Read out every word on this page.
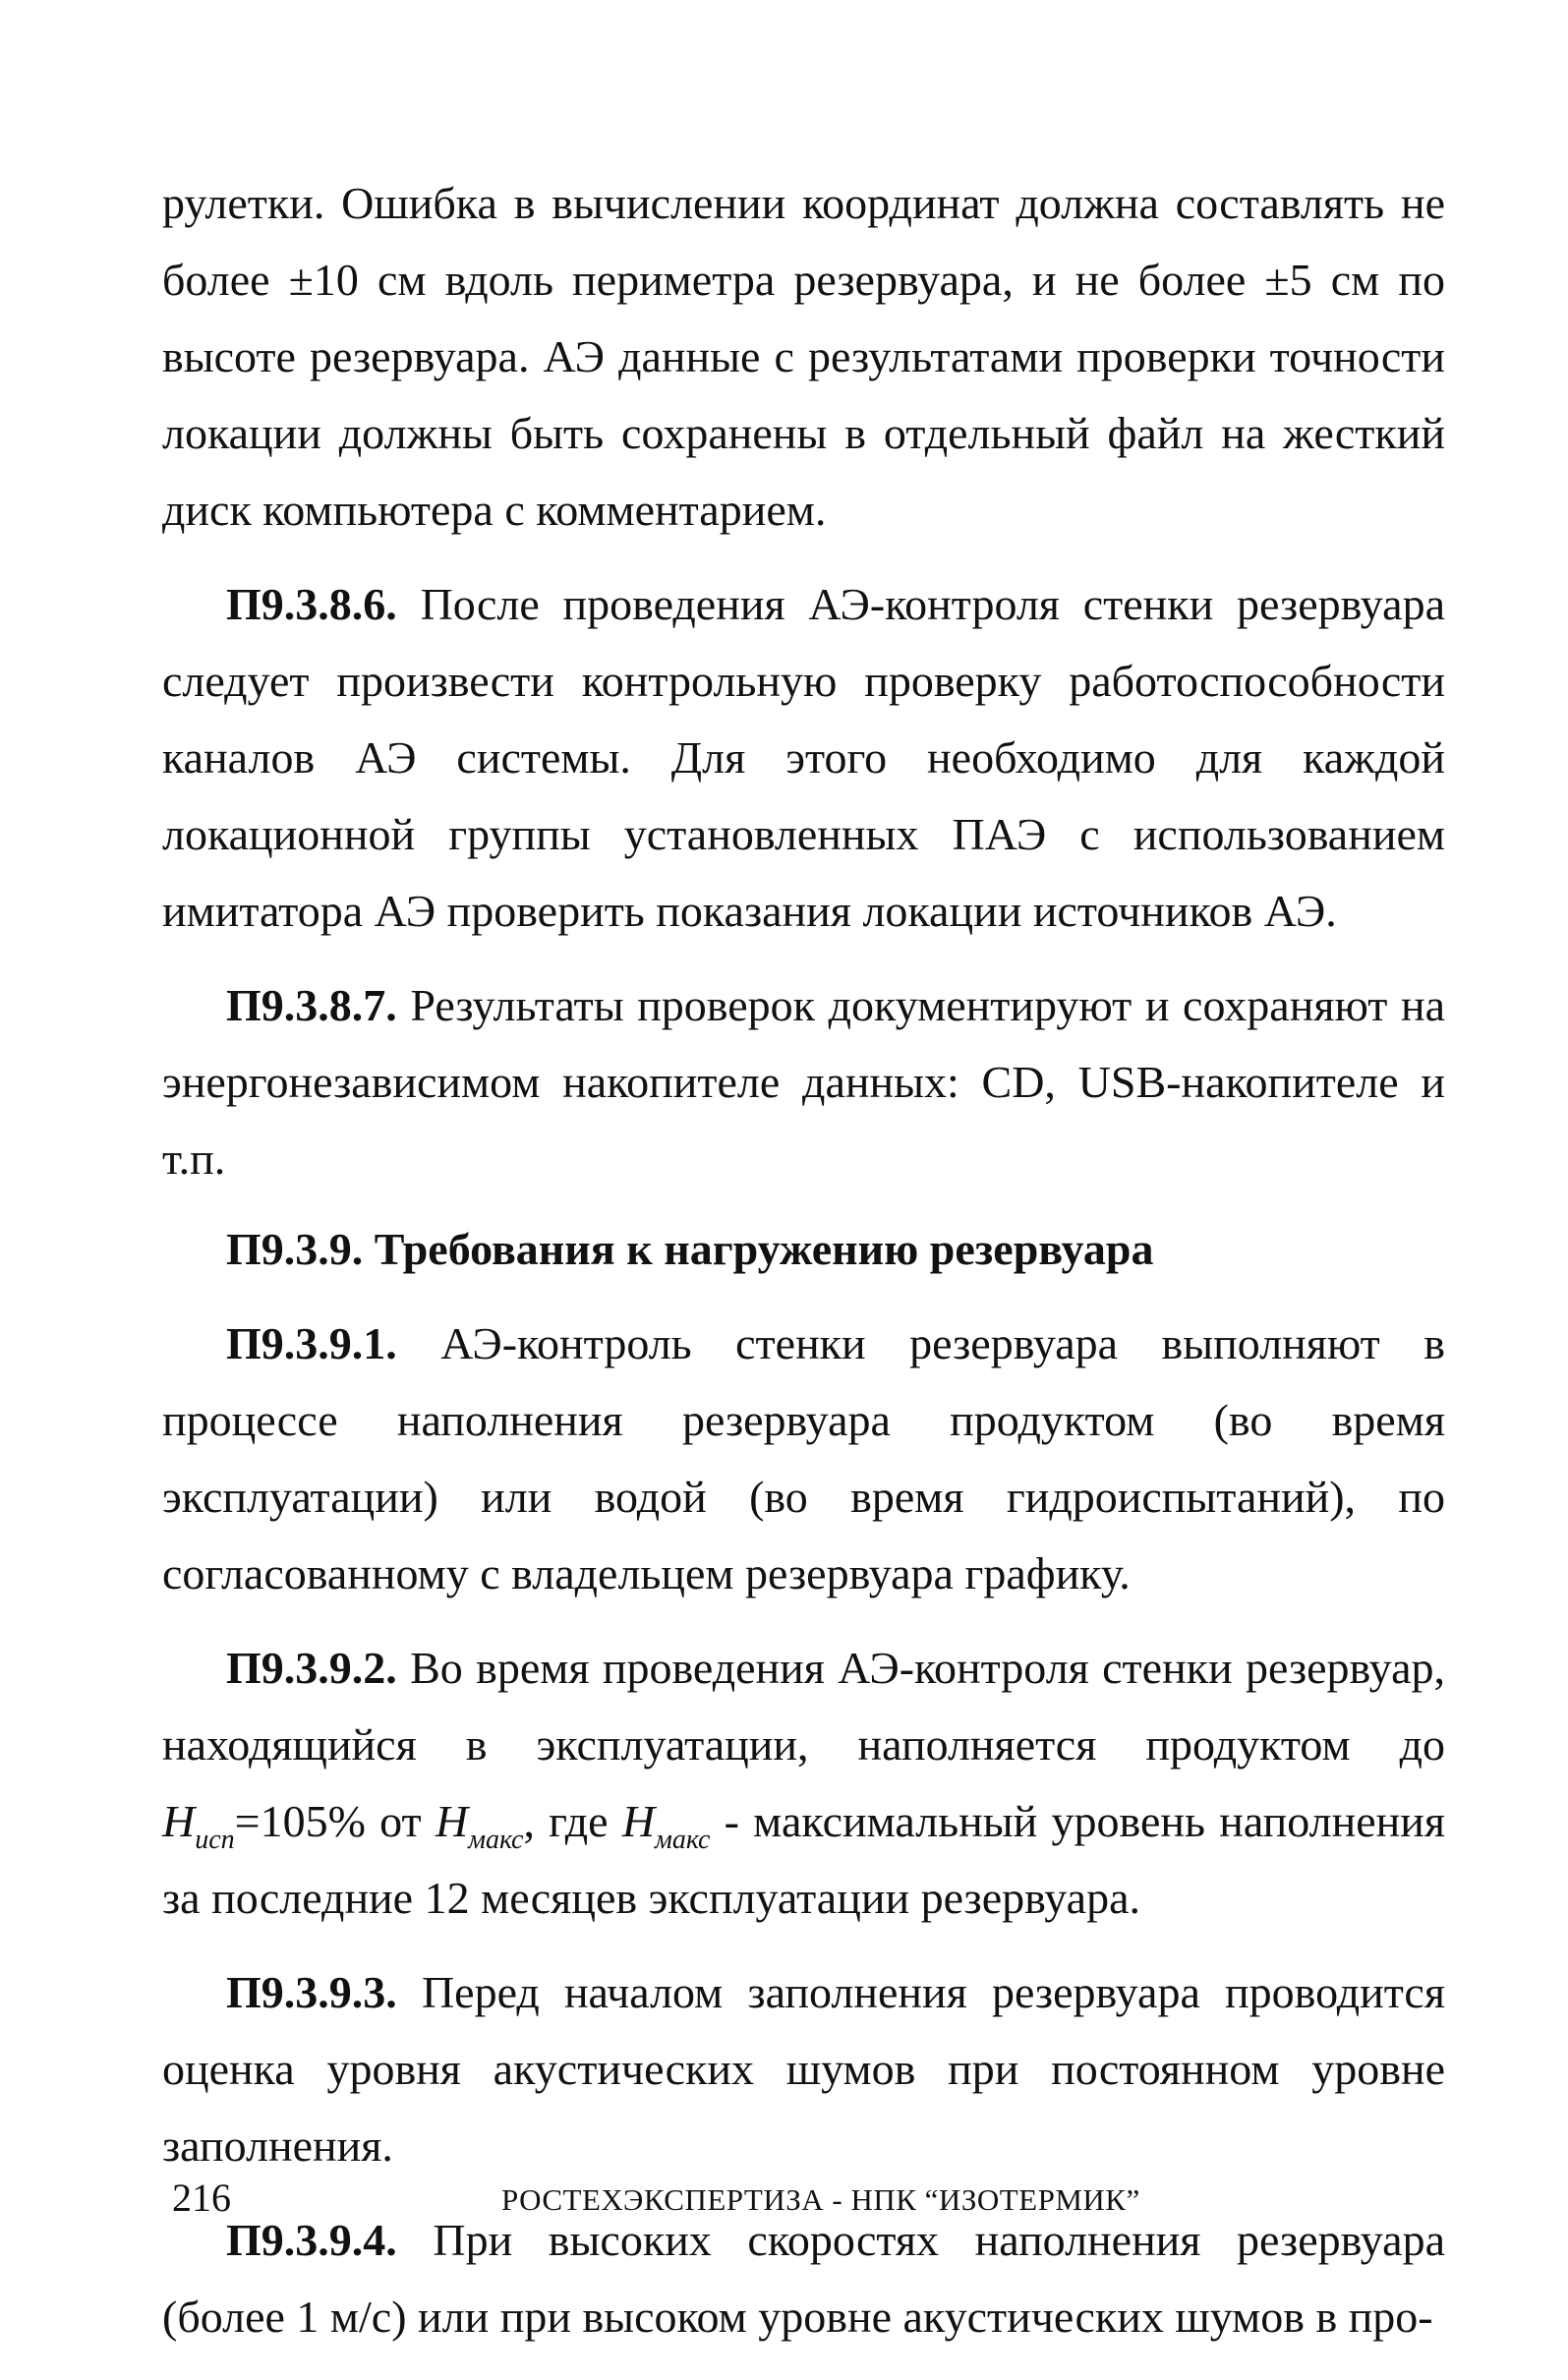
рулетки. Ошибка в вычислении координат должна составлять не более ±10 см вдоль периметра резервуара, и не более ±5 см по высоте резервуара. АЭ данные с результатами проверки точности локации должны быть сохранены в отдельный файл на жесткий диск компьютера с комментарием.

П9.3.8.6. После проведения АЭ-контроля стенки резервуара следует произвести контрольную проверку работоспособности каналов АЭ системы. Для этого необходимо для каждой локационной группы установленных ПАЭ с использованием имитатора АЭ проверить показания локации источников АЭ.

П9.3.8.7. Результаты проверок документируют и сохраняют на энергонезависимом накопителе данных: CD, USB-накопителе и т.п.

П9.3.9. Требования к нагружению резервуара

П9.3.9.1. АЭ-контроль стенки резервуара выполняют в процессе наполнения резервуара продуктом (во время эксплуатации) или водой (во время гидроиспытаний), по согласованному с владельцем резервуара графику.

П9.3.9.2. Во время проведения АЭ-контроля стенки резервуар, находящийся в эксплуатации, наполняется продуктом до $H_{исп}=105\%$ от $H_{макс}$, где $H_{макс}$ - максимальный уровень наполнения за последние 12 месяцев эксплуатации резервуара.

П9.3.9.3. Перед началом заполнения резервуара проводится оценка уровня акустических шумов при постоянном уровне заполнения.

П9.3.9.4. При высоких скоростях наполнения резервуара (более 1 м/с) или при высоком уровне акустических шумов в про-

216	РОСТЕХЭКСПЕРТИЗА - НПК “ИЗОТЕРМИК”
